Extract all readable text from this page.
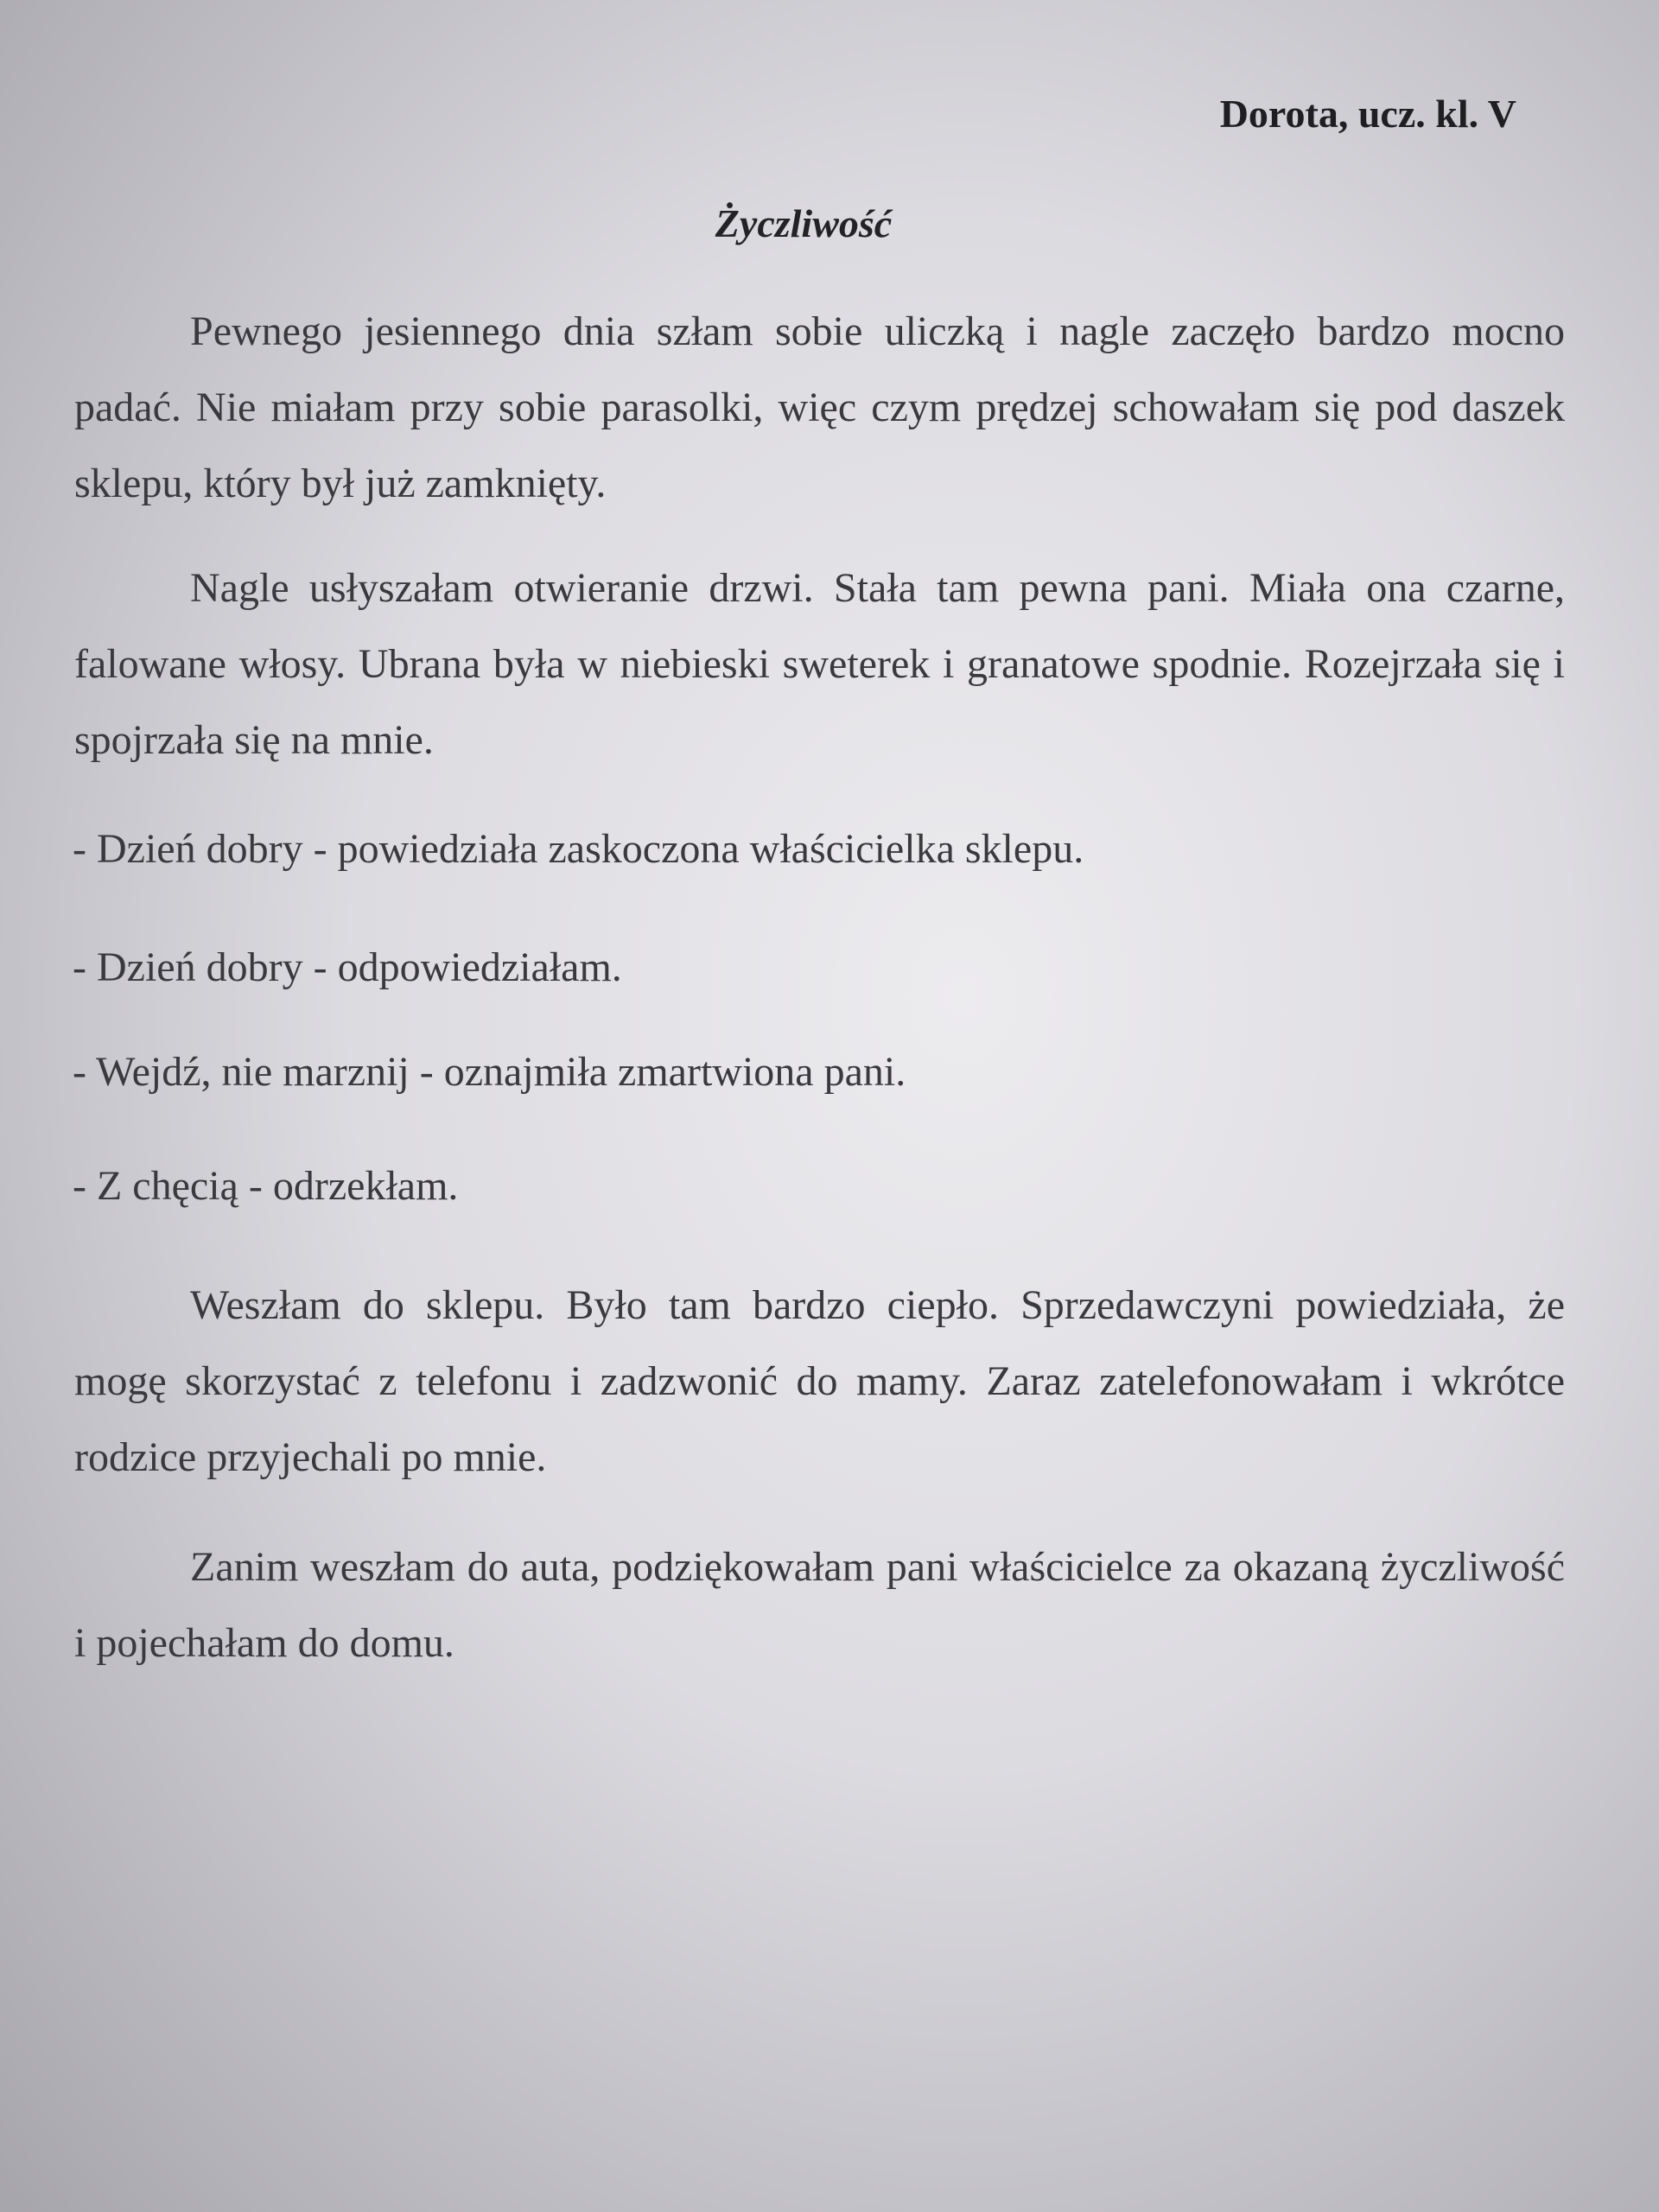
Dorota, ucz. kl. V
Życzliwość

Pewnego jesiennego dnia szłam sobie uliczką i nagle zaczęło bardzo mocno padać. Nie miałam przy sobie parasolki, więc czym prędzej schowałam się pod daszek sklepu, który był już zamknięty.

Nagle usłyszałam otwieranie drzwi. Stała tam pewna pani. Miała ona czarne, falowane włosy. Ubrana była w niebieski sweterek i granatowe spodnie. Rozejrzała się i spojrzała się na mnie.

- Dzień dobry - powiedziała zaskoczona właścicielka sklepu.
- Dzień dobry - odpowiedziałam.
- Wejdź, nie marznij - oznajmiła zmartwiona pani.
- Z chęcią - odrzekłam.

Weszłam do sklepu. Było tam bardzo ciepło. Sprzedawczyni powiedziała, że mogę skorzystać z telefonu i zadzwonić do mamy. Zaraz zatelefonowałam i wkrótce rodzice przyjechali po mnie.

Zanim weszłam do auta, podziękowałam pani właścicielce za okazaną życzliwość i pojechałam do domu.
